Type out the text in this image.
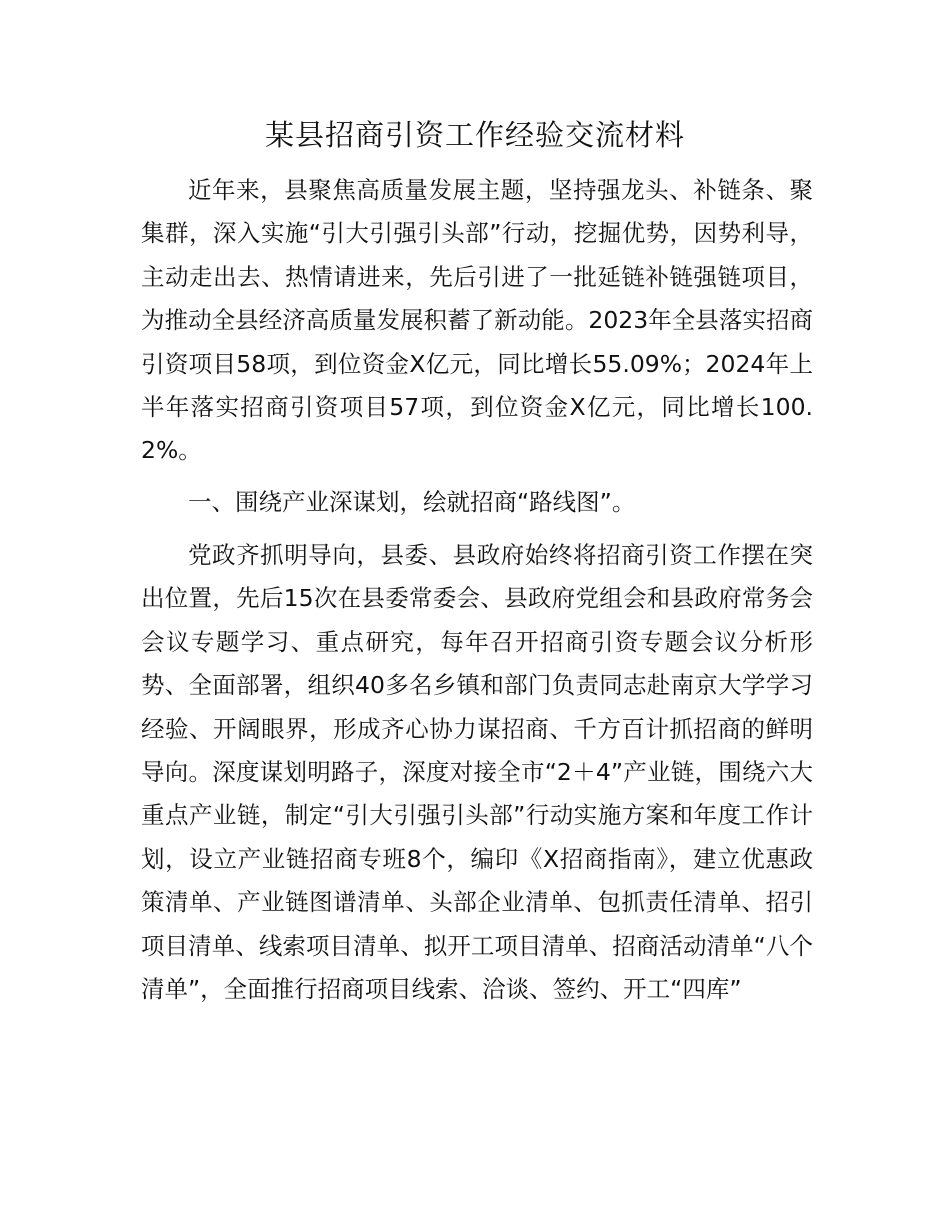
某县招商引资工作经验交流材料

近年来，县聚焦高质量发展主题，坚持强龙头、补链条、聚集群，深入实施“引大引强引头部”行动，挖掘优势，因势利导，主动走出去、热情请进来，先后引进了一批延链补链强链项目，为推动全县经济高质量发展积蓄了新动能。2023年全县落实招商引资项目58项，到位资金X亿元，同比增长55.09%；2024年上半年落实招商引资项目57项，到位资金X亿元，同比增长100.2%。

一、围绕产业深谋划，绘就招商“路线图”。

党政齐抓明导向，县委、县政府始终将招商引资工作摆在突出位置，先后15次在县委常委会、县政府党组会和县政府常务会会议专题学习、重点研究，每年召开招商引资专题会议分析形势、全面部署，组织40多名乡镇和部门负责同志赴南京大学学习经验、开阔眼界，形成齐心协力谋招商、千方百计抓招商的鲜明导向。深度谋划明路子，深度对接全市“2＋4”产业链，围绕六大重点产业链，制定“引大引强引头部”行动实施方案和年度工作计划，设立产业链招商专班8个，编印《X招商指南》，建立优惠政策清单、产业链图谱清单、头部企业清单、包抓责任清单、招引项目清单、线索项目清单、拟开工项目清单、招商活动清单“八个清单”，全面推行招商项目线索、洽谈、签约、开工“四库”
